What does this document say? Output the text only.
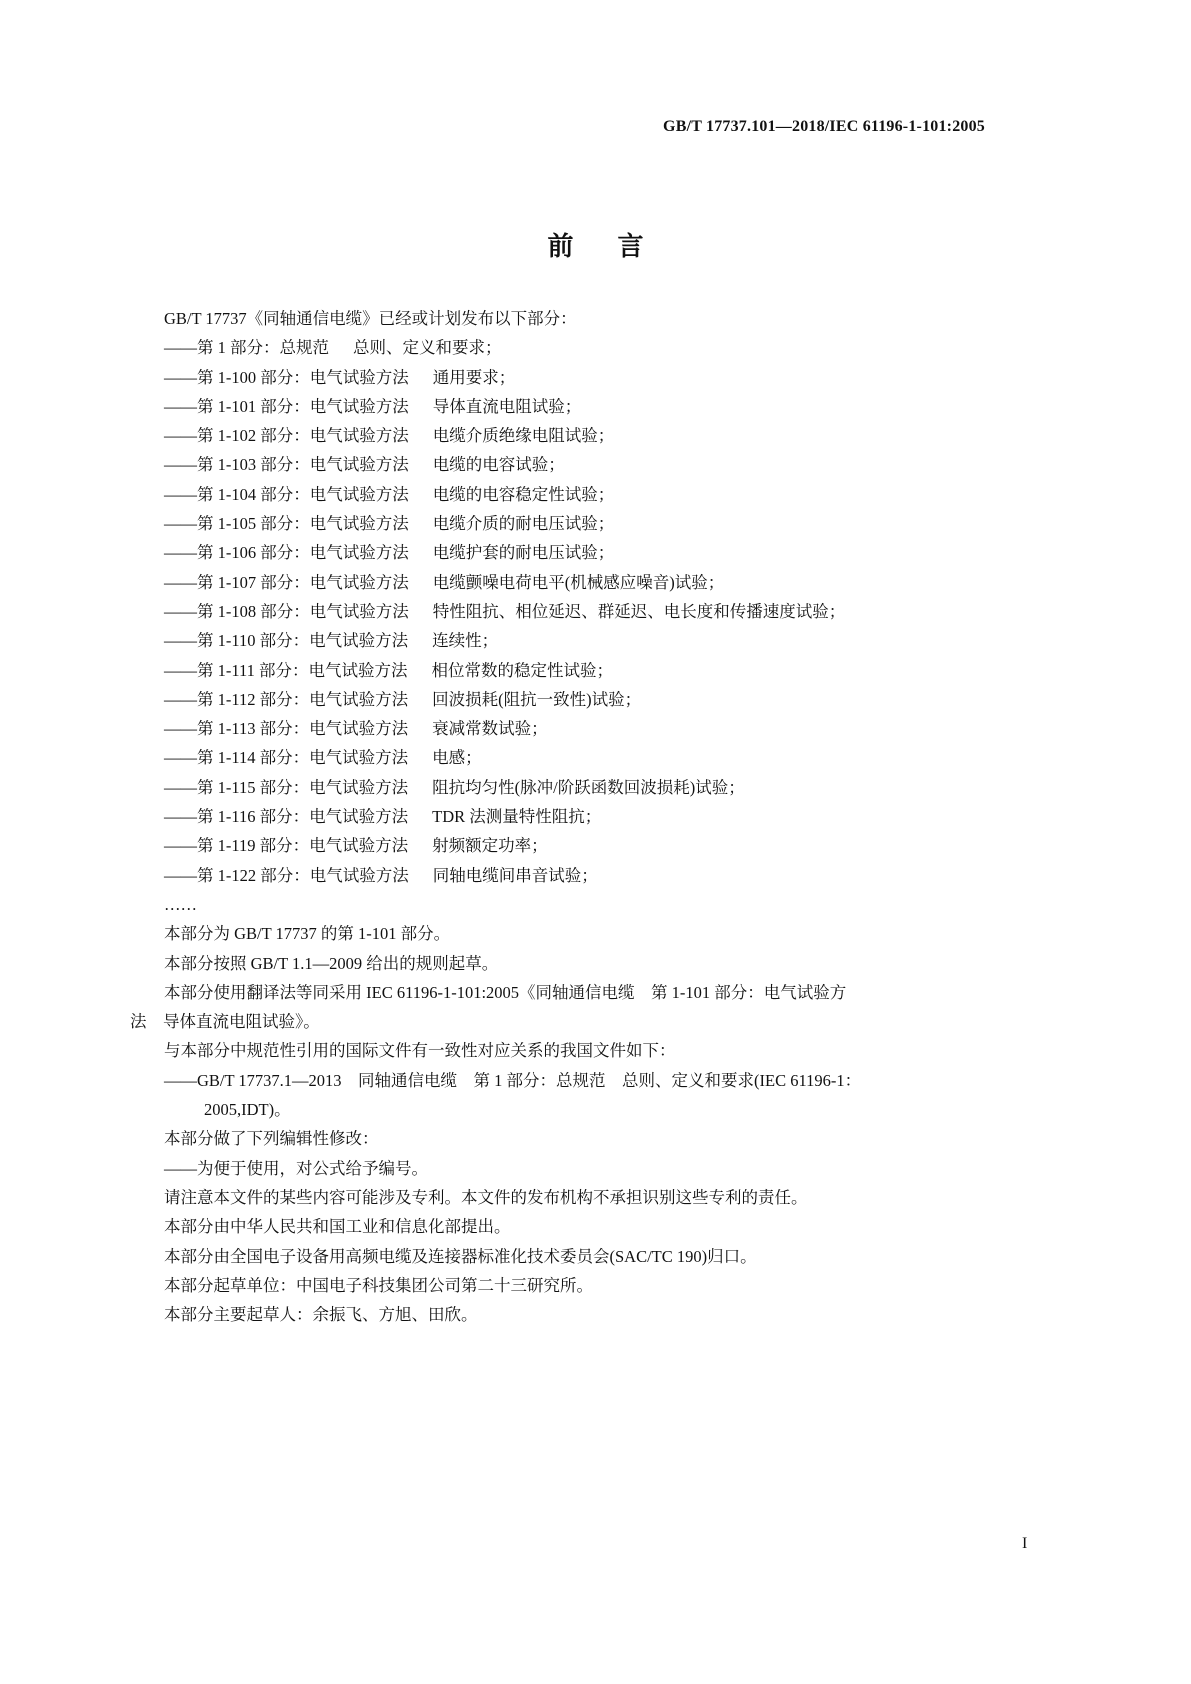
GB/T 17737.101—2018/IEC 61196-1-101:2005
前言
GB/T 17737《同轴通信电缆》已经或计划发布以下部分：
——第 1 部分：总规范 总则、定义和要求；
——第 1-100 部分：电气试验方法 通用要求；
——第 1-101 部分：电气试验方法 导体直流电阻试验；
——第 1-102 部分：电气试验方法 电缆介质绝缘电阻试验；
——第 1-103 部分：电气试验方法 电缆的电容试验；
——第 1-104 部分：电气试验方法 电缆的电容稳定性试验；
——第 1-105 部分：电气试验方法 电缆介质的耐电压试验；
——第 1-106 部分：电气试验方法 电缆护套的耐电压试验；
——第 1-107 部分：电气试验方法 电缆颤噪电荷电平(机械感应噪音)试验；
——第 1-108 部分：电气试验方法 特性阻抗、相位延迟、群延迟、电长度和传播速度试验；
——第 1-110 部分：电气试验方法 连续性；
——第 1-111 部分：电气试验方法 相位常数的稳定性试验；
——第 1-112 部分：电气试验方法 回波损耗(阻抗一致性)试验；
——第 1-113 部分：电气试验方法 衰减常数试验；
——第 1-114 部分：电气试验方法 电感；
——第 1-115 部分：电气试验方法 阻抗均匀性(脉冲/阶跃函数回波损耗)试验；
——第 1-116 部分：电气试验方法 TDR 法测量特性阻抗；
——第 1-119 部分：电气试验方法 射频额定功率；
——第 1-122 部分：电气试验方法 同轴电缆间串音试验；
……
本部分为 GB/T 17737 的第 1-101 部分。
本部分按照 GB/T 1.1—2009 给出的规则起草。
本部分使用翻译法等同采用 IEC 61196-1-101:2005《同轴通信电缆　第 1-101 部分：电气试验方
法　导体直流电阻试验》。
与本部分中规范性引用的国际文件有一致性对应关系的我国文件如下：
——GB/T 17737.1—2013　同轴通信电缆　第 1 部分：总规范　总则、定义和要求(IEC 61196-1：
2005,IDT)。
本部分做了下列编辑性修改：
——为便于使用，对公式给予编号。
请注意本文件的某些内容可能涉及专利。本文件的发布机构不承担识别这些专利的责任。
本部分由中华人民共和国工业和信息化部提出。
本部分由全国电子设备用高频电缆及连接器标准化技术委员会(SAC/TC 190)归口。
本部分起草单位：中国电子科技集团公司第二十三研究所。
本部分主要起草人：余振飞、方旭、田欣。
I
